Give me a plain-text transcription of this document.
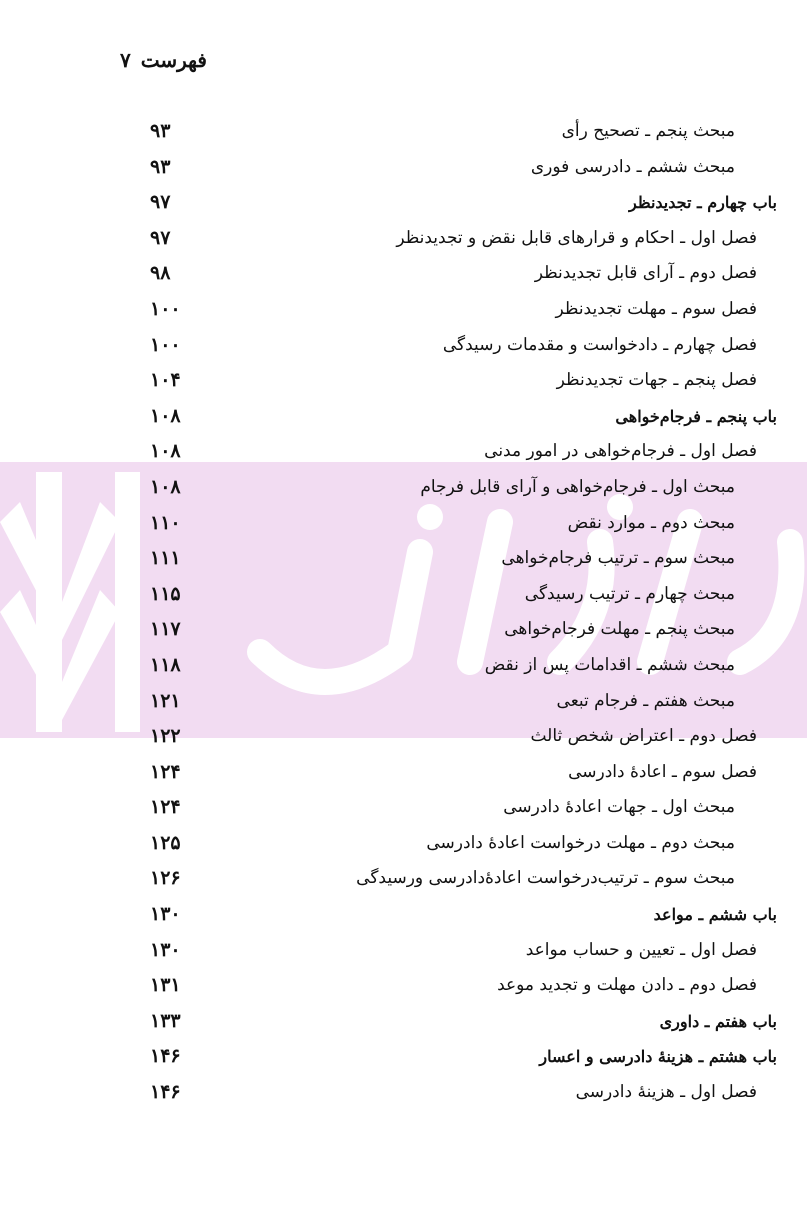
فهرست
۷
مبحث پنجم ـ تصحیح رأی
۹۳
مبحث ششم ـ دادرسی فوری
۹۳
باب چهارم ـ تجدیدنظر
۹۷
فصل اول ـ احکام و قرارهای قابل نقض و تجدیدنظر
۹۷
فصل دوم ـ آرای قابل تجدیدنظر
۹۸
فصل سوم ـ مهلت تجدیدنظر
۱۰۰
فصل چهارم ـ دادخواست و مقدمات رسیدگی
۱۰۰
فصل پنجم ـ جهات تجدیدنظر
۱۰۴
باب پنجم ـ فرجام‌خواهی
۱۰۸
فصل اول ـ فرجام‌خواهی در امور مدنی
۱۰۸
مبحث اول ـ فرجام‌خواهی و آرای قابل فرجام
۱۰۸
مبحث دوم ـ موارد نقض
۱۱۰
مبحث سوم ـ ترتیب فرجام‌خواهی
۱۱۱
مبحث چهارم ـ ترتیب رسیدگی
۱۱۵
مبحث پنجم ـ مهلت فرجام‌خواهی
۱۱۷
مبحث ششم ـ اقدامات پس از نقض
۱۱۸
مبحث هفتم ـ فرجام تبعی
۱۲۱
فصل دوم ـ اعتراض شخص ثالث
۱۲۲
فصل سوم ـ اعادهٔ دادرسی
۱۲۴
مبحث اول ـ جهات اعادهٔ دادرسی
۱۲۴
مبحث دوم ـ مهلت درخواست اعادهٔ دادرسی
۱۲۵
مبحث سوم ـ ترتیب‌درخواست اعادهٔ‌دادرسی ورسیدگی
۱۲۶
باب ششم ـ مواعد
۱۳۰
فصل اول ـ تعیین و حساب مواعد
۱۳۰
فصل دوم ـ دادن مهلت و تجدید موعد
۱۳۱
باب هفتم ـ داوری
۱۳۳
باب هشتم ـ هزینهٔ دادرسی و اعسار
۱۴۶
فصل اول ـ هزینهٔ دادرسی
۱۴۶
